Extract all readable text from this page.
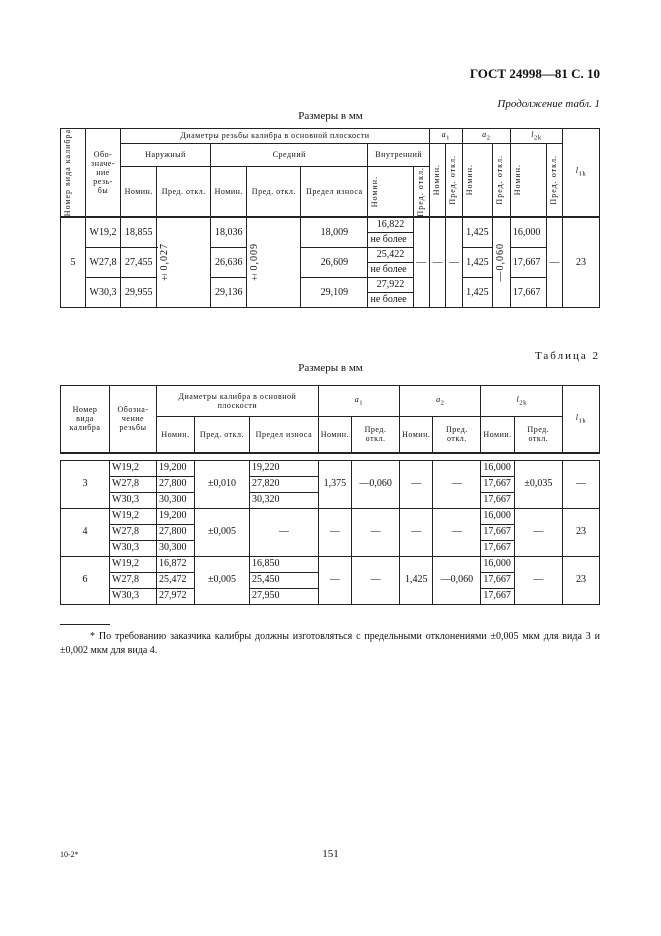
ГОСТ 24998—81 С. 10
Продолжение табл. 1
Размеры в мм
Номер вида калибра	Обо- значе- ние резь- бы	Диаметры резьбы калибра в основной плоскости							$a_1$		$a_2$		$l_{2k}$		$l_{1k}$
		Наружный		Средний			Внутренний		Номин.	Пред. откл.	Номин.	Пред. откл.	Номин.	Пред. откл.	

		Номин.	Пред. откл.	Номин.	Пред. откл.	Предел износа	Номин.	Пред. откл.							

5	W19,2	18,855	±0,027	18,036	±0,009	18,009	16,822	—	—	—	1,425	—0,060	16,000	—	23
							не более								
	W27,8	27,455		26,636		26,609	25,422				1,425		17,667		
							не более								
	W30,3	29,955		29,136		29,109	27,922				1,425		17,667		
							не более								
Таблица 2
Размеры в мм
Номер вида калибра	Обозна- чение резьбы	Диаметры калибра в основной плоскости			$a_1$		$a_2$		$l_{2k}$		$l_{1k}$
		Номин.	Пред. откл.	Предел износа	Номин.	Пред. откл.	Номин.	Пред. откл.	Номин.	Пред. откл.	

3	W19,2	19,200	±0,010	19,220	1,375	—0,060	—	—	16,000	±0,035	—
	W27,8	27,800		27,820					17,667		
	W30,3	30,300		30,320					17,667		
4	W19,2	19,200	±0,005	—	—	—	—	—	16,000	—	23
	W27,8	27,800							17,667		
	W30,3	30,300							17,667		
6	W19,2	16,872	±0,005	16,850	—	—	1,425	—0,060	16,000	—	23
	W27,8	25,472		25,450					17,667		
	W30,3	27,972		27,950					17,667		
* По требованию заказчика калибры должны изготовляться с предельными отклонениями ±0,005 мкм для вида 3 и ±0,002 мкм для вида 4.
10-2*	151
